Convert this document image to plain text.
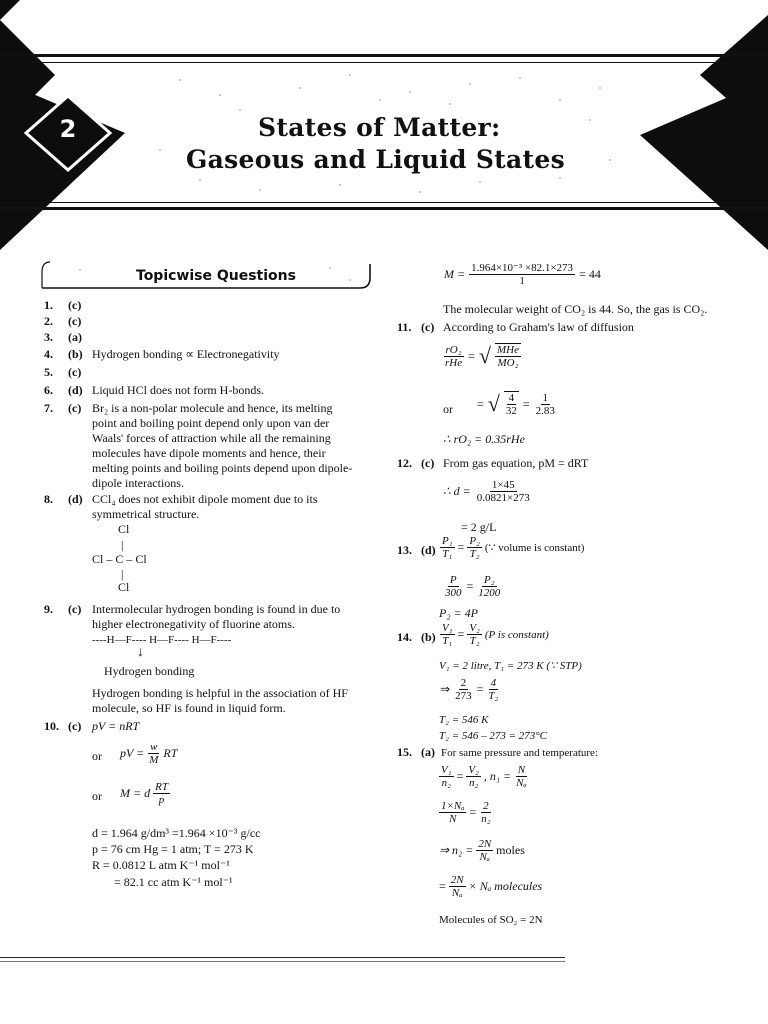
2	States of Matter:
Gaseous and Liquid States
Topicwise Questions
1. (c)
2. (c)
3. (a)
4. (b) Hydrogen bonding ∝ Electronegativity
5. (c)
6. (d) Liquid HCl does not form H-bonds.
7. (c) Br₂ is a non-polar molecule and hence, its melting
point and boiling point depend only upon van der
Waals' forces of attraction while all the remaining
molecules have dipole moments and hence, their
melting points and boiling points depend upon dipole-
dipole interactions.
8. (d) CCl₄ does not exhibit dipole moment due to its
symmetrical structure.
Cl
|
Cl – C – Cl
|
Cl
9. (c) Intermolecular hydrogen bonding is found in due to
higher electronegativity of fluorine atoms.
----H—F---- H—F---- H—F----
↓
Hydrogen bonding
Hydrogen bonding is helpful in the association of HF
molecule, so HF is found in liquid form.
10. (c) pV = nRT
or pV = $\frac{w}{M}$ RT
or M = d $\frac{RT}{p}$
d = 1.964 g/dm³ =1.964 ×10⁻³ g/cc
p = 76 cm Hg = 1 atm; T = 273 K
R = 0.0812 L atm K⁻¹ mol⁻¹
= 82.1 cc atm K⁻¹ mol⁻¹
$M = \frac{\text{1.964×10⁻³ ×82.1×273}}{1} = 44$
The molecular weight of CO₂ is 44. So, the gas is CO₂.
11. (c) According to Graham's law of diffusion
$\frac{\text{rO₂}}{\text{rHe}}$ = √ $\frac{\text{MHe}}{\text{MO₂}}$
or = √ $\frac{4}{32} = \frac{1}{2.83}$
∴ rO₂ = 0.35rHe
12. (c) From gas equation, pM = dRT
∴ $d = \frac{1\times 45}{0.0821\times 273}$
= 2 g/L
13. $(d) \frac{\text{P₁}}{\text{T₁}} = \frac{\text{P₂}}{\text{T₂}}$ (∵ volume is constant)
$\frac{P}{300} = \frac{\text{P₂}}{1200}$
P₂ = 4P
14. $(b) \frac{\text{V₁}}{\text{T₁}} = \frac{\text{V₂}}{\text{T₂}} (P$ is constant)
V₁ = 2 litre, T₁ = 273 K (∵ STP)
⇒ $\frac{2}{273} = \frac{4}{\text{T₂}}$
T₂ = 546 K
T₂ = 546 – 273 = 273°C
15. (a) For same pressure and temperature:
$\frac{\text{V₁}}{\text{n₂}} = \frac{\text{V₂}}{\text{n₂}}$ , $n_1 = \frac{N}{\text{Nₐ}}$
$\frac{\text{1×Nₐ}}{N} = \frac{2}{\text{n₂}}$
⇒ $n_2 = \frac{2N}{\text{Nₐ}}$ moles
= $\frac{2N}{\text{Nₐ}} \times N_a$ molecules
Molecules of SO₂ = 2N
